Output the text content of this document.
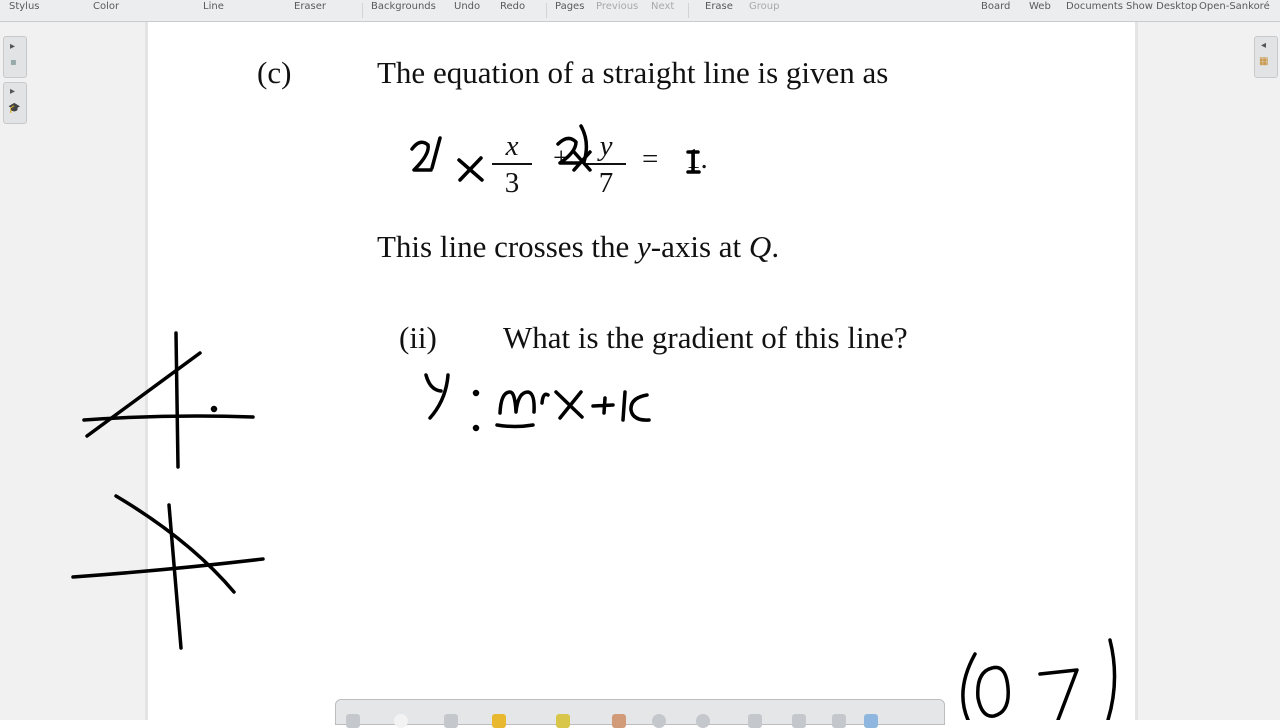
Stylus	Color	Line	Eraser	Backgrounds Undo Redo	Pages Previous Next	Erase Group	Board Web Documents Show Desktop Open-Sankoré
▸
▪
▸
🎓
◂
▦
(c)	The equation of a straight line is given as
x
3
+	y
7
= 1.
This line crosses the y-axis at Q.
(ii) What is the gradient of this line?
